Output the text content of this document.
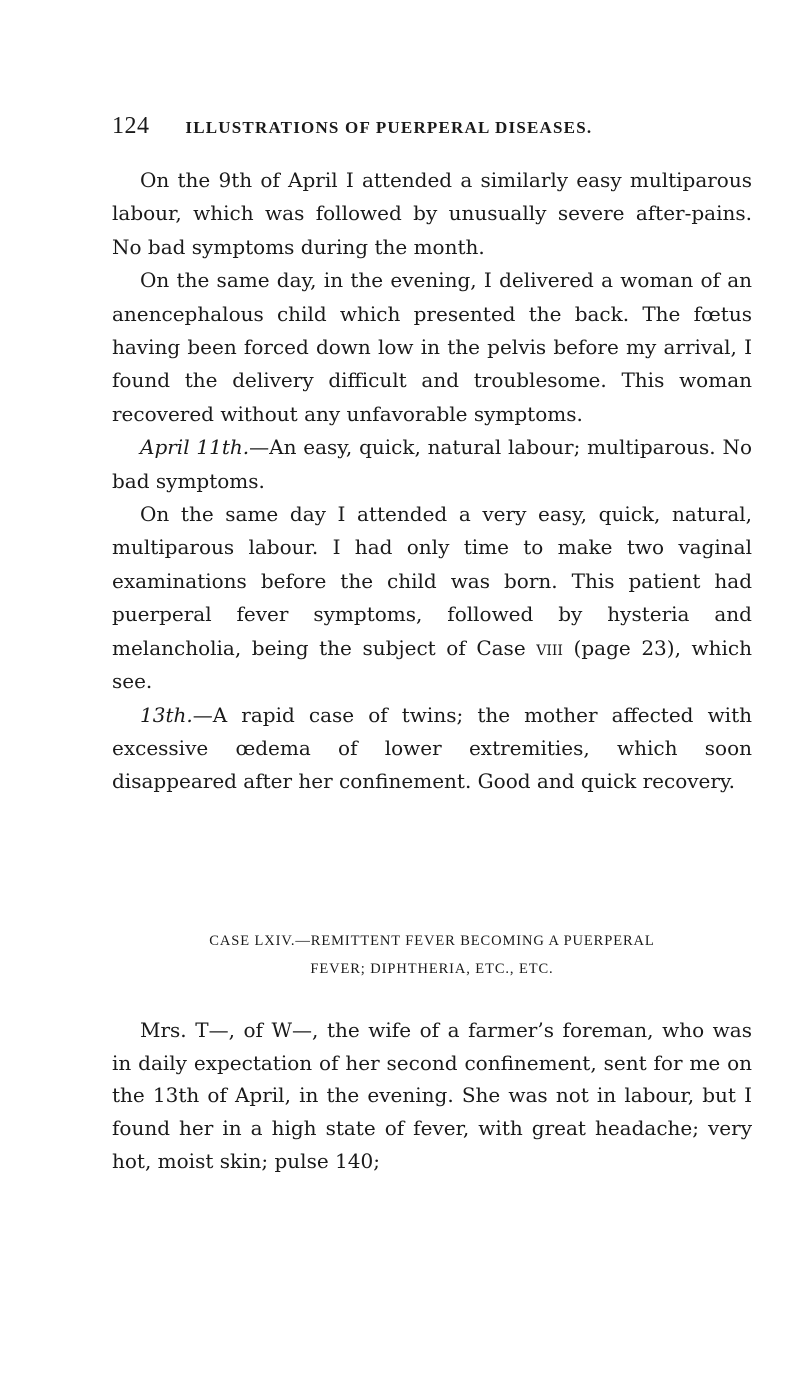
124 ILLUSTRATIONS OF PUERPERAL DISEASES.

On the 9th of April I attended a similarly easy multiparous labour, which was followed by unusually severe after-pains. No bad symptoms during the month.

On the same day, in the evening, I delivered a woman of an anencephalous child which presented the back. The fœtus having been forced down low in the pelvis before my arrival, I found the delivery difficult and troublesome. This woman recovered without any unfavorable symptoms.

April 11th.—An easy, quick, natural labour; multiparous. No bad symptoms.

On the same day I attended a very easy, quick, natural, multiparous labour. I had only time to make two vaginal examinations before the child was born. This patient had puerperal fever symptoms, followed by hysteria and melancholia, being the subject of Case viii (page 23), which see.

13th.—A rapid case of twins; the mother affected with excessive œdema of lower extremities, which soon disappeared after her confinement. Good and quick recovery.

CASE LXIV.—REMITTENT FEVER BECOMING A PUERPERAL
FEVER; DIPHTHERIA, ETC., ETC.

Mrs. T—, of W—, the wife of a farmer’s foreman, who was in daily expectation of her second confinement, sent for me on the 13th of April, in the evening. She was not in labour, but I found her in a high state of fever, with great headache; very hot, moist skin; pulse 140;
